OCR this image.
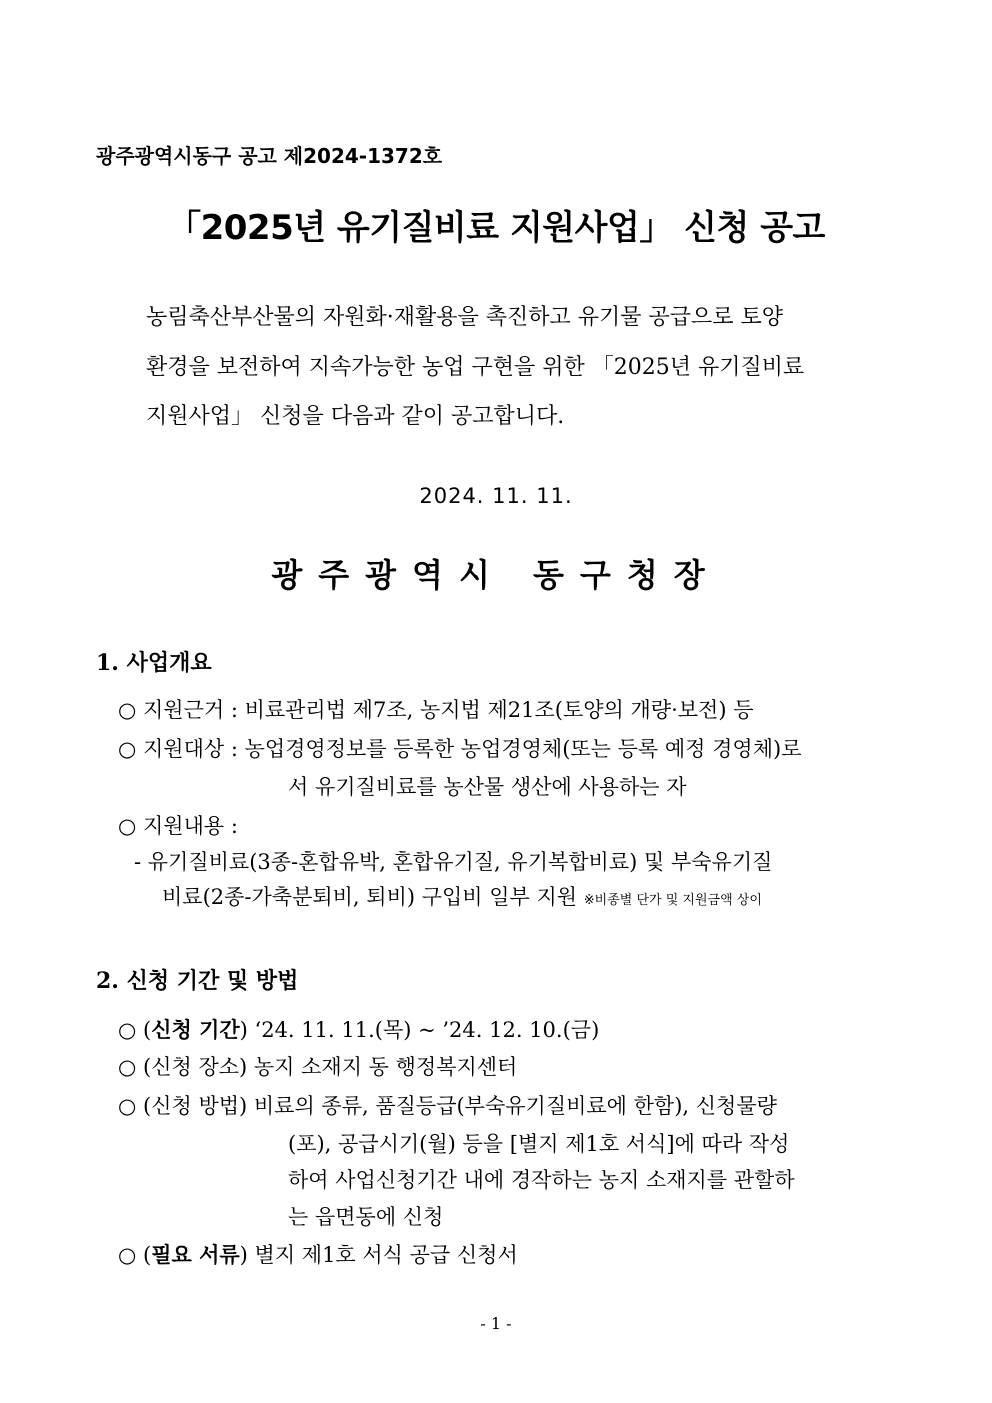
광주광역시동구 공고 제2024-1372호
「2025년 유기질비료 지원사업」 신청 공고
농림축산부산물의 자원화·재활용을 촉진하고 유기물 공급으로 토양
환경을 보전하여 지속가능한 농업 구현을 위한 「2025년 유기질비료
지원사업」 신청을 다음과 같이 공고합니다.
2024. 11. 11.
광주광역시 동구청장
1. 사업개요
○ 지원근거 : 비료관리법 제7조, 농지법 제21조(토양의 개량·보전) 등
○ 지원대상 : 농업경영정보를 등록한 농업경영체(또는 등록 예정 경영체)로
서 유기질비료를 농산물 생산에 사용하는 자
○ 지원내용 :
- 유기질비료(3종-혼합유박, 혼합유기질, 유기복합비료) 및 부숙유기질
비료(2종-가축분퇴비, 퇴비) 구입비 일부 지원 ※비종별 단가 및 지원금액 상이
2. 신청 기간 및 방법
○ (신청 기간) ‘24. 11. 11.(목) ~ ’24. 12. 10.(금)
○ (신청 장소) 농지 소재지 동 행정복지센터
○ (신청 방법) 비료의 종류, 품질등급(부숙유기질비료에 한함), 신청물량
(포), 공급시기(월) 등을 [별지 제1호 서식]에 따라 작성
하여 사업신청기간 내에 경작하는 농지 소재지를 관할하
는 읍면동에 신청
○ (필요 서류) 별지 제1호 서식 공급 신청서
- 1 -
